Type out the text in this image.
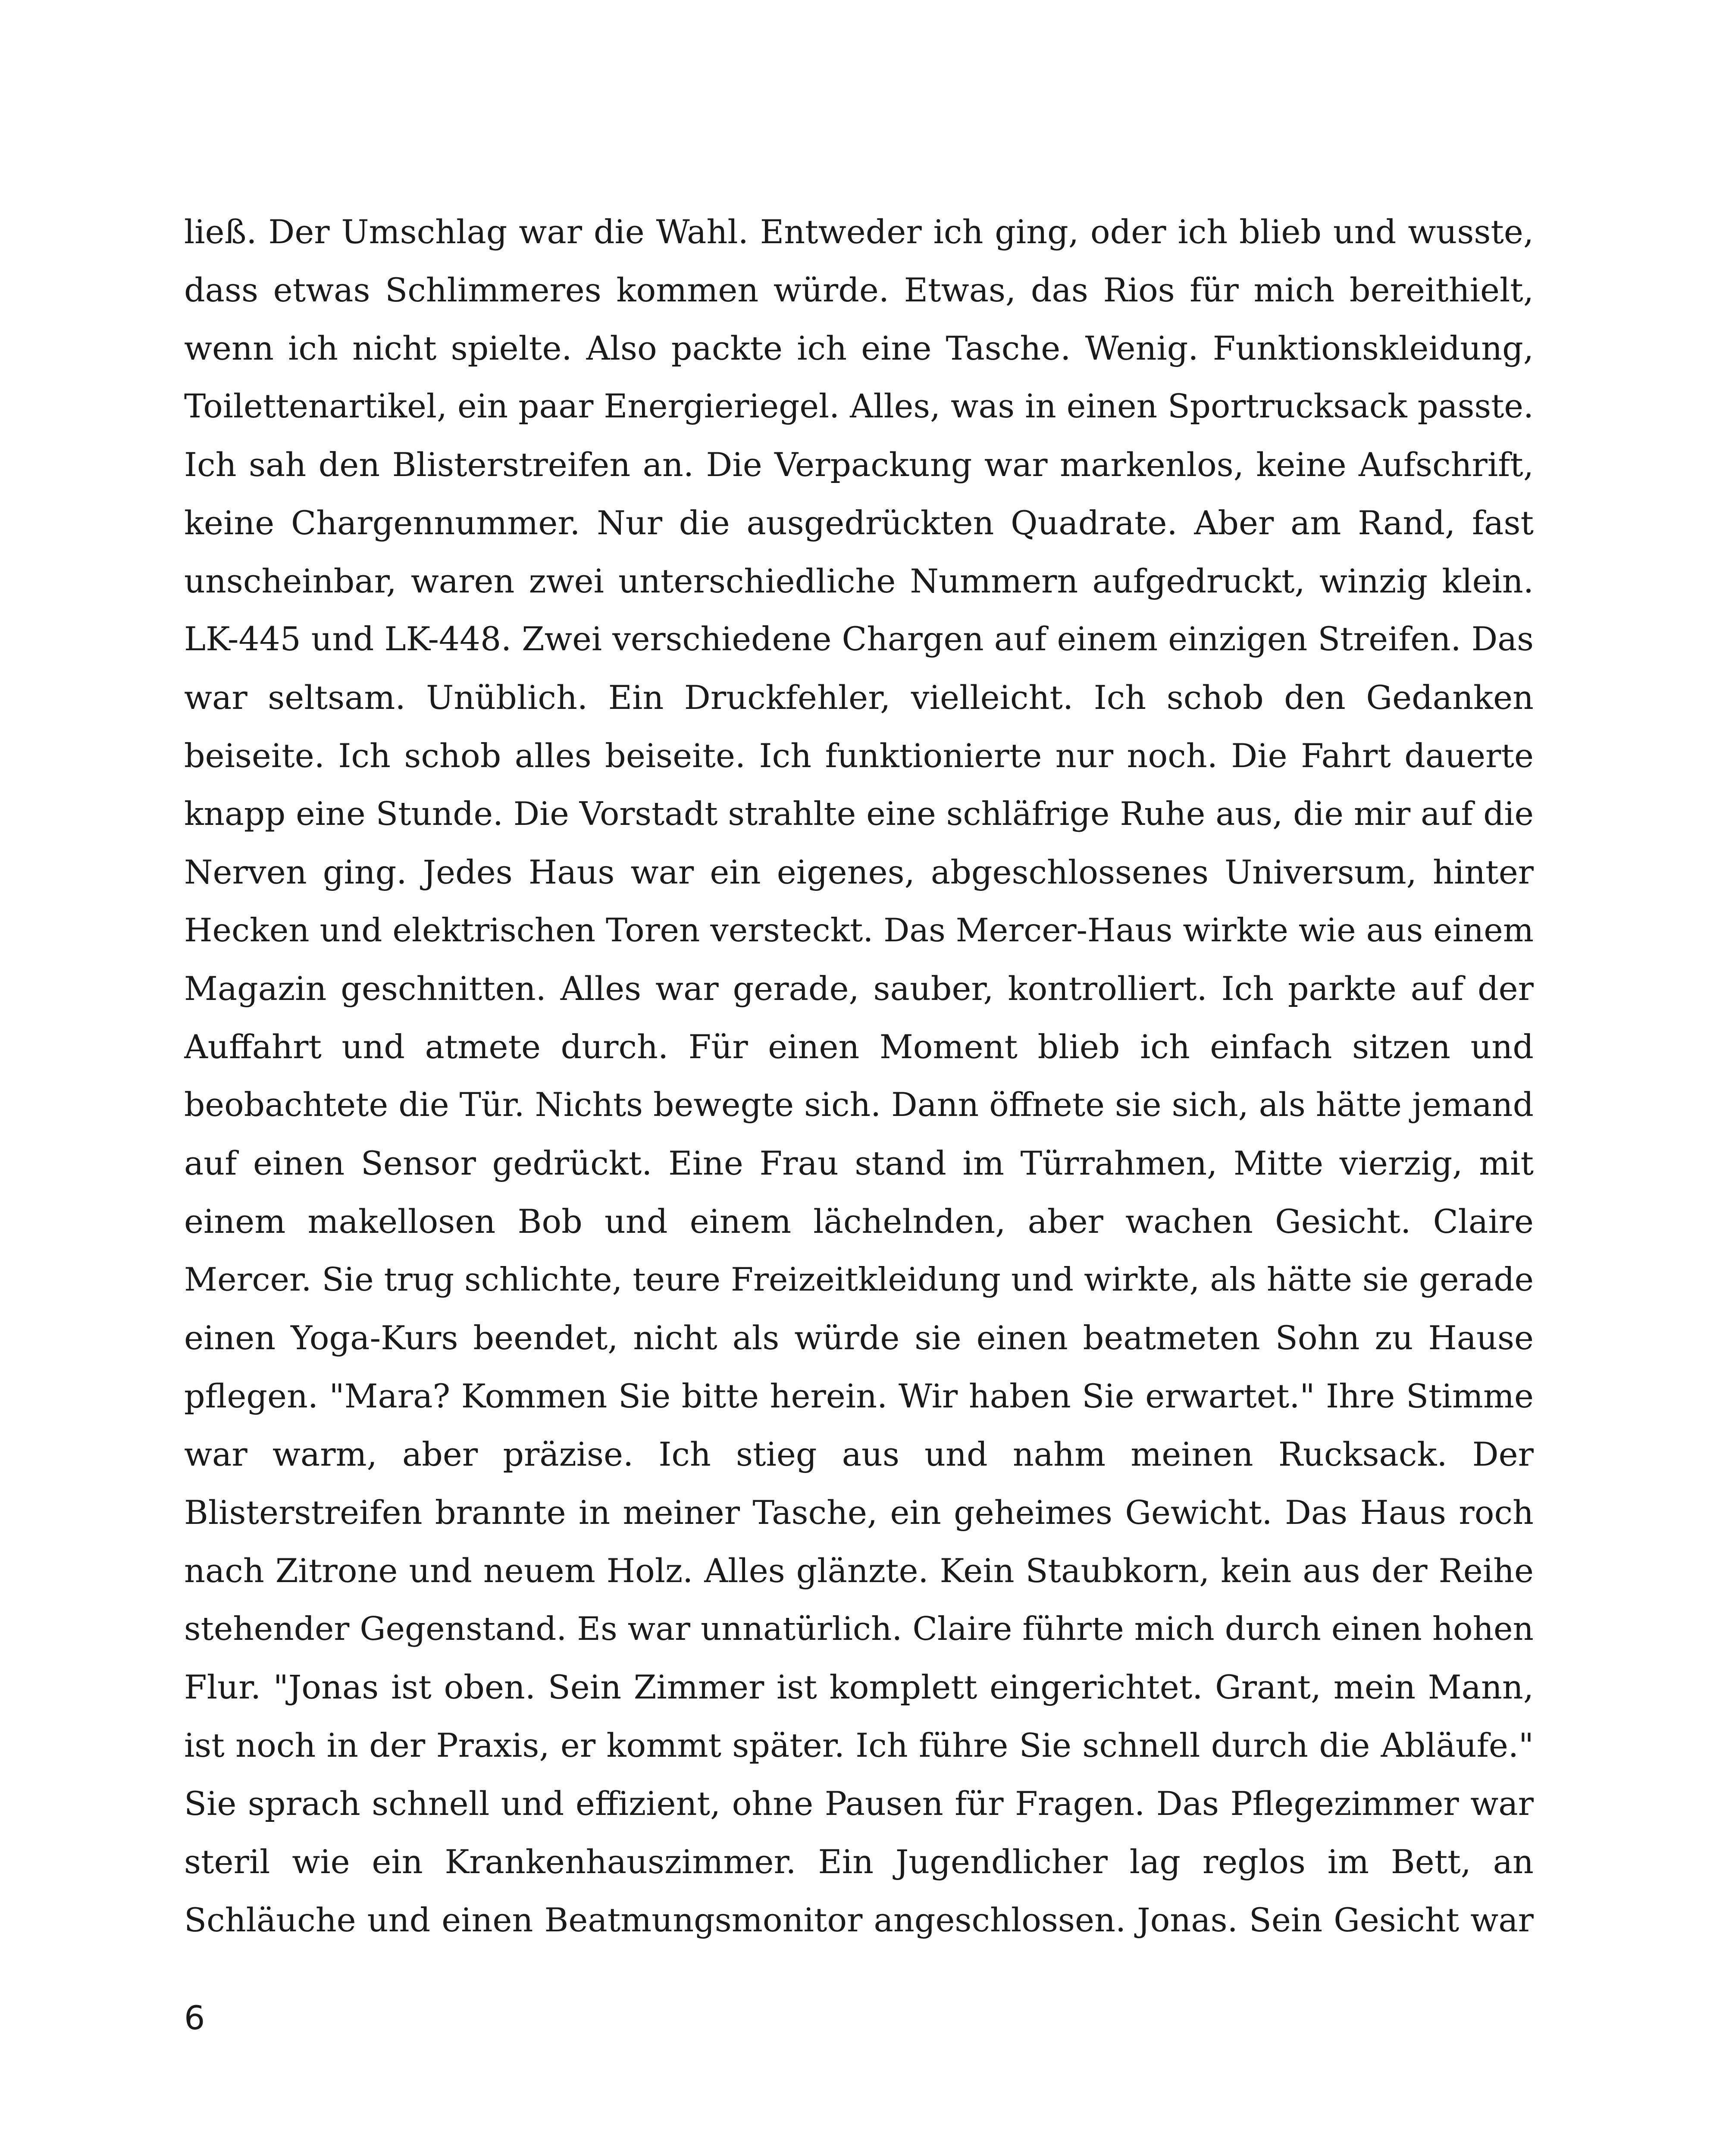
ließ. Der Umschlag war die Wahl. Entweder ich ging, oder ich blieb und wusste,
dass etwas Schlimmeres kommen würde. Etwas, das Rios für mich bereithielt,
wenn ich nicht spielte. Also packte ich eine Tasche. Wenig. Funktionskleidung,
Toilettenartikel, ein paar Energieriegel. Alles, was in einen Sportrucksack passte.
Ich sah den Blisterstreifen an. Die Verpackung war markenlos, keine Aufschrift,
keine Chargennummer. Nur die ausgedrückten Quadrate. Aber am Rand, fast
unscheinbar, waren zwei unterschiedliche Nummern aufgedruckt, winzig klein.
LK-445 und LK-448. Zwei verschiedene Chargen auf einem einzigen Streifen. Das
war seltsam. Unüblich. Ein Druckfehler, vielleicht. Ich schob den Gedanken
beiseite. Ich schob alles beiseite. Ich funktionierte nur noch. Die Fahrt dauerte
knapp eine Stunde. Die Vorstadt strahlte eine schläfrige Ruhe aus, die mir auf die
Nerven ging. Jedes Haus war ein eigenes, abgeschlossenes Universum, hinter
Hecken und elektrischen Toren versteckt. Das Mercer-Haus wirkte wie aus einem
Magazin geschnitten. Alles war gerade, sauber, kontrolliert. Ich parkte auf der
Auffahrt und atmete durch. Für einen Moment blieb ich einfach sitzen und
beobachtete die Tür. Nichts bewegte sich. Dann öffnete sie sich, als hätte jemand
auf einen Sensor gedrückt. Eine Frau stand im Türrahmen, Mitte vierzig, mit
einem makellosen Bob und einem lächelnden, aber wachen Gesicht. Claire
Mercer. Sie trug schlichte, teure Freizeitkleidung und wirkte, als hätte sie gerade
einen Yoga-Kurs beendet, nicht als würde sie einen beatmeten Sohn zu Hause
pflegen. "Mara? Kommen Sie bitte herein. Wir haben Sie erwartet." Ihre Stimme
war warm, aber präzise. Ich stieg aus und nahm meinen Rucksack. Der
Blisterstreifen brannte in meiner Tasche, ein geheimes Gewicht. Das Haus roch
nach Zitrone und neuem Holz. Alles glänzte. Kein Staubkorn, kein aus der Reihe
stehender Gegenstand. Es war unnatürlich. Claire führte mich durch einen hohen
Flur. "Jonas ist oben. Sein Zimmer ist komplett eingerichtet. Grant, mein Mann,
ist noch in der Praxis, er kommt später. Ich führe Sie schnell durch die Abläufe."
Sie sprach schnell und effizient, ohne Pausen für Fragen. Das Pflegezimmer war
steril wie ein Krankenhauszimmer. Ein Jugendlicher lag reglos im Bett, an
Schläuche und einen Beatmungsmonitor angeschlossen. Jonas. Sein Gesicht war
6
